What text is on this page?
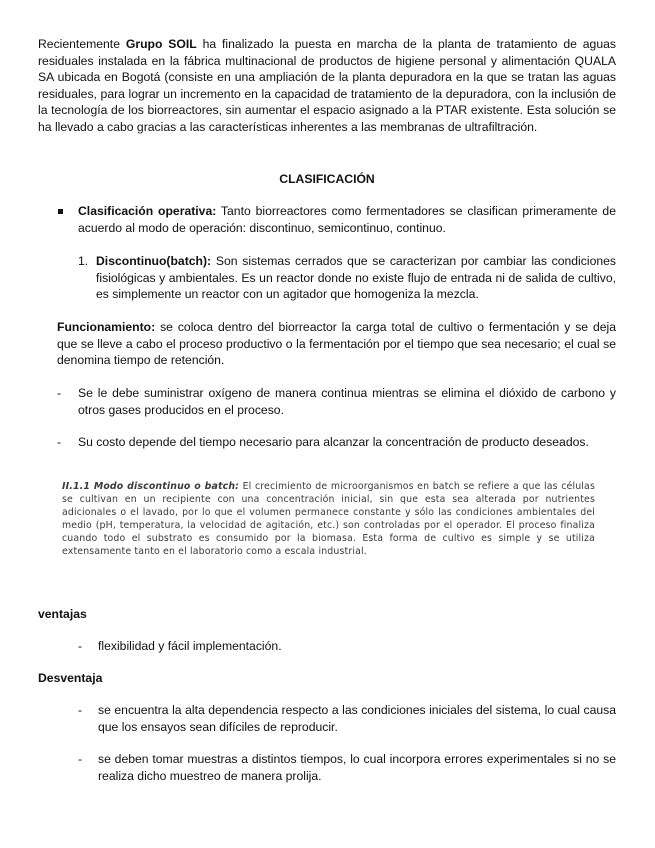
Recientemente Grupo SOIL ha finalizado la puesta en marcha de la planta de tratamiento de aguas residuales instalada en la fábrica multinacional de productos de higiene personal y alimentación QUALA SA ubicada en Bogotá (consiste en una ampliación de la planta depuradora en la que se tratan las aguas residuales, para lograr un incremento en la capacidad de tratamiento de la depuradora, con la inclusión de la tecnología de los biorreactores, sin aumentar el espacio asignado a la PTAR existente. Esta solución se ha llevado a cabo gracias a las características inherentes a las membranas de ultrafiltración.

CLASIFICACIÓN

Clasificación operativa: Tanto biorreactores como fermentadores se clasifican primeramente de acuerdo al modo de operación: discontinuo, semicontinuo, continuo.

1. Discontinuo(batch): Son sistemas cerrados que se caracterizan por cambiar las condiciones fisiológicas y ambientales. Es un reactor donde no existe flujo de entrada ni de salida de cultivo, es simplemente un reactor con un agitador que homogeniza la mezcla.

Funcionamiento: se coloca dentro del biorreactor la carga total de cultivo o fermentación y se deja que se lleve a cabo el proceso productivo o la fermentación por el tiempo que sea necesario; el cual se denomina tiempo de retención.

- Se le debe suministrar oxígeno de manera continua mientras se elimina el dióxido de carbono y otros gases producidos en el proceso.

- Su costo depende del tiempo necesario para alcanzar la concentración de producto deseados.

II.1.1 Modo discontinuo o batch: El crecimiento de microorganismos en batch se refiere a que las células se cultivan en un recipiente con una concentración inicial, sin que esta sea alterada por nutrientes adicionales o el lavado, por lo que el volumen permanece constante y sólo las condiciones ambientales del medio (pH, temperatura, la velocidad de agitación, etc.) son controladas por el operador. El proceso finaliza cuando todo el substrato es consumido por la biomasa. Esta forma de cultivo es simple y se utiliza extensamente tanto en el laboratorio como a escala industrial.

ventajas

- flexibilidad y fácil implementación.

Desventaja

- se encuentra la alta dependencia respecto a las condiciones iniciales del sistema, lo cual causa que los ensayos sean difíciles de reproducir.

- se deben tomar muestras a distintos tiempos, lo cual incorpora errores experimentales si no se realiza dicho muestreo de manera prolija.
